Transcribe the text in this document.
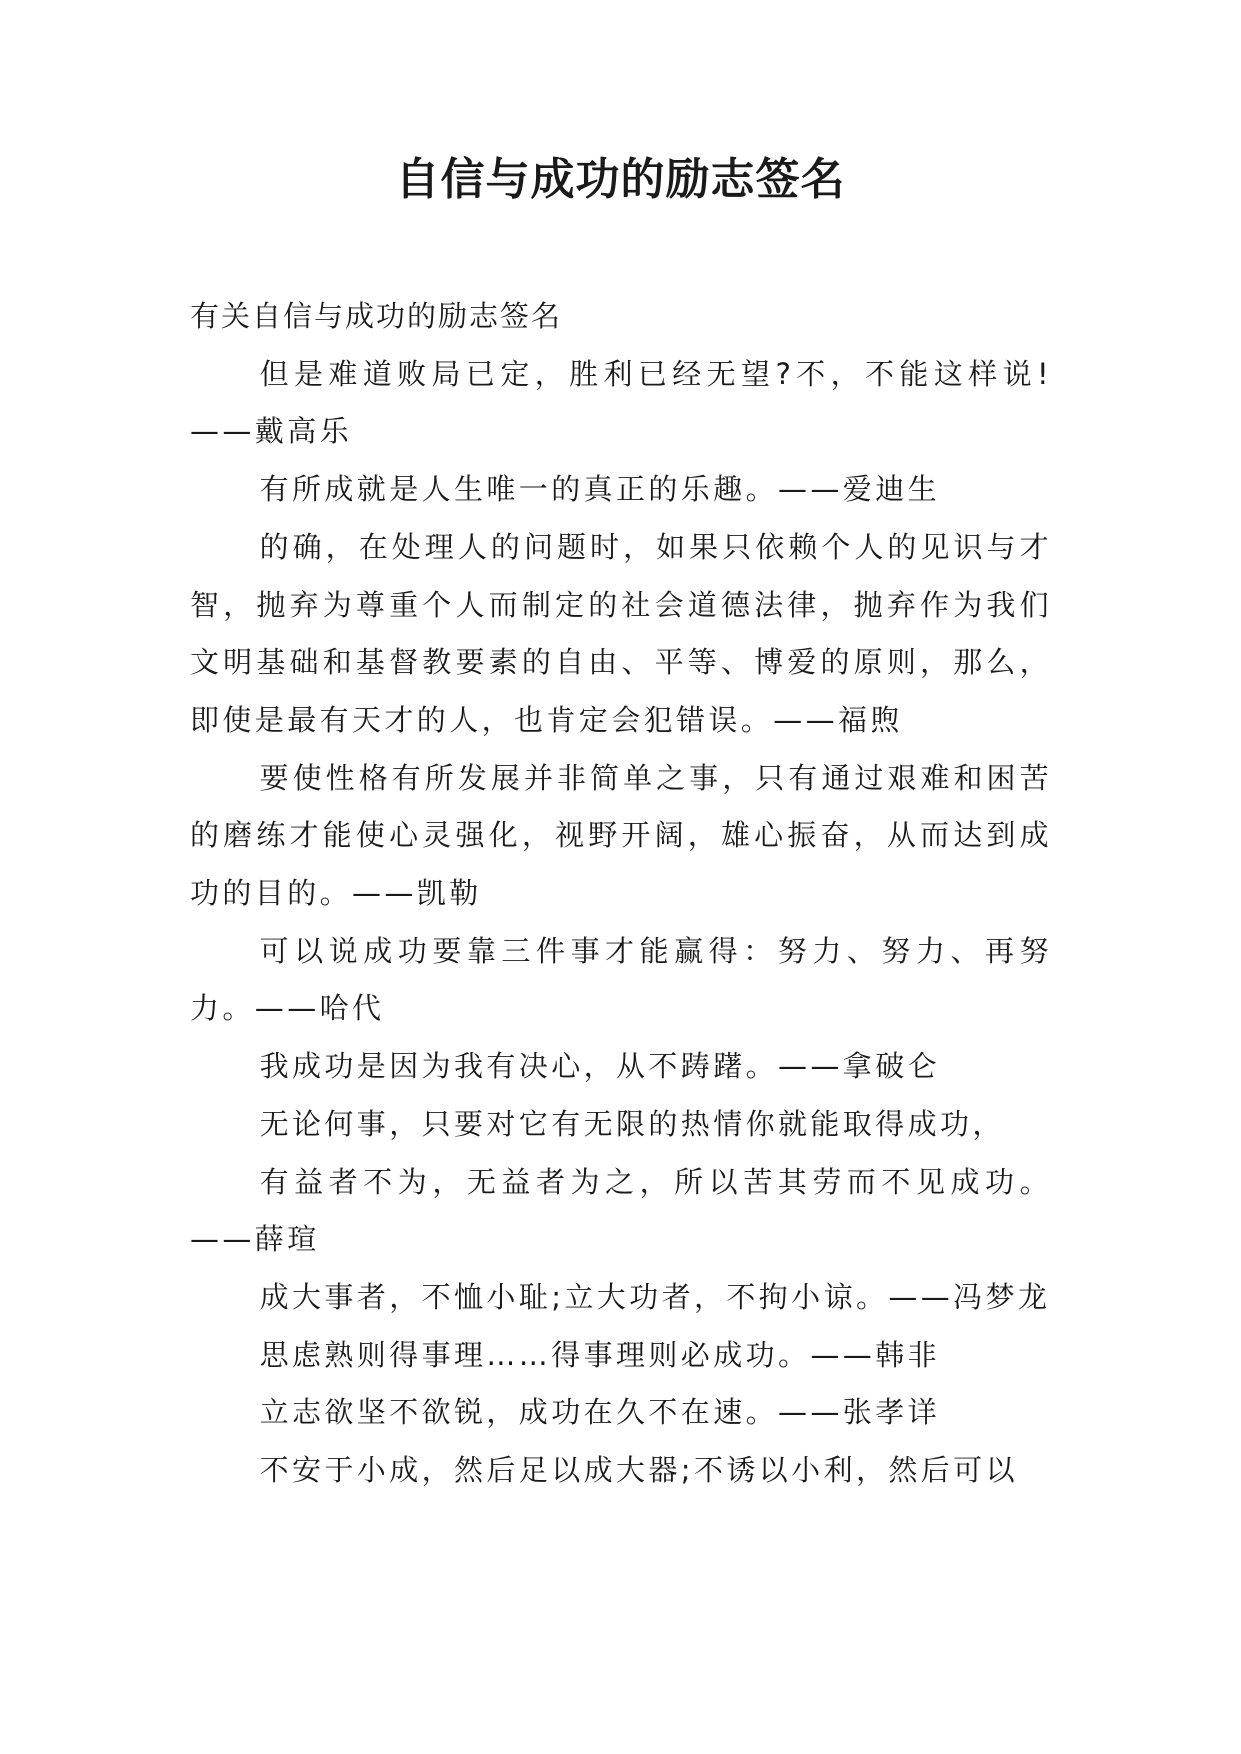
自信与成功的励志签名

有关自信与成功的励志签名

但是难道败局已定，胜利已经无望?不，不能这样说!——戴高乐

有所成就是人生唯一的真正的乐趣。——爱迪生

的确，在处理人的问题时，如果只依赖个人的见识与才智，抛弃为尊重个人而制定的社会道德法律，抛弃作为我们文明基础和基督教要素的自由、平等、博爱的原则，那么，即使是最有天才的人，也肯定会犯错误。——福煦

要使性格有所发展并非简单之事，只有通过艰难和困苦的磨练才能使心灵强化，视野开阔，雄心振奋，从而达到成功的目的。——凯勒

可以说成功要靠三件事才能赢得：努力、努力、再努力。——哈代

我成功是因为我有决心，从不踌躇。——拿破仑

无论何事，只要对它有无限的热情你就能取得成功，

有益者不为，无益者为之，所以苦其劳而不见成功。——薛瑄

成大事者，不恤小耻;立大功者，不拘小谅。——冯梦龙

思虑熟则得事理……得事理则必成功。——韩非

立志欲坚不欲锐，成功在久不在速。——张孝详

不安于小成，然后足以成大器;不诱以小利，然后可以
